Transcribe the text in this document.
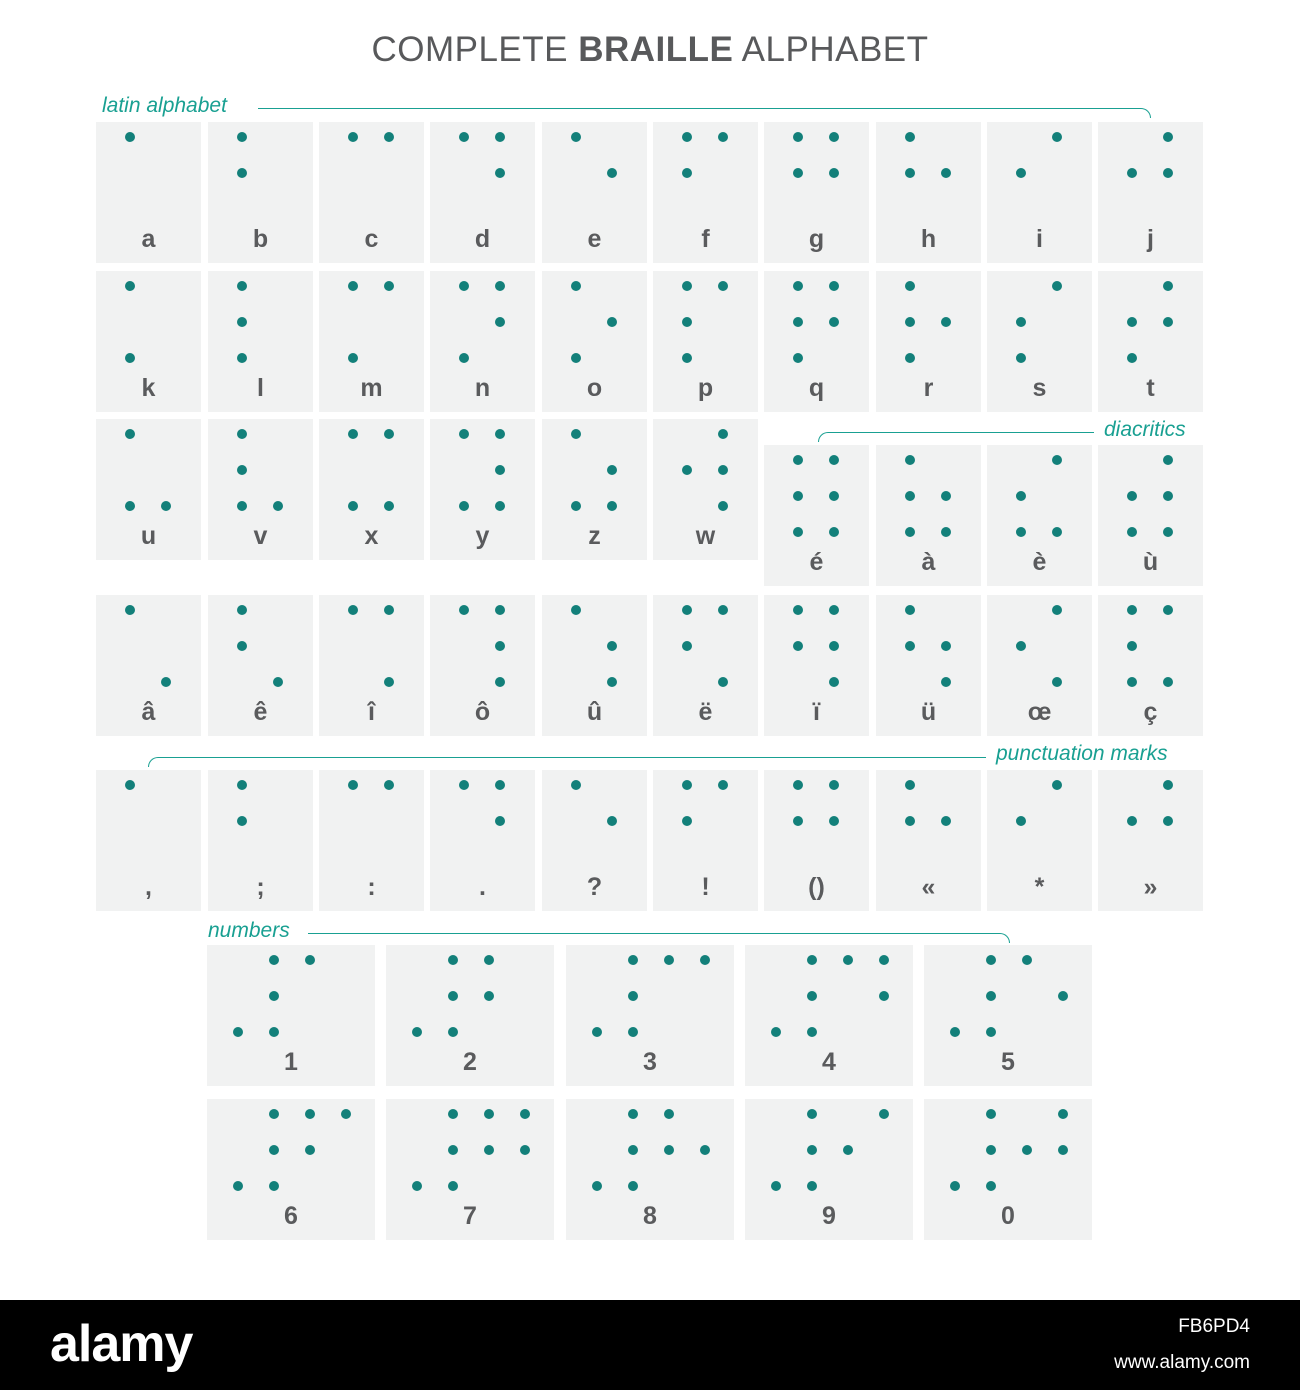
COMPLETE BRAILLE ALPHABET
latin alphabet
diacritics
punctuation marks
numbers
a	b	c	d	e	f	g	h	i	j
k	l	m	n	o	p	q	r	s	t
u	v	x	y	z	w
é	à	è	ù
â	ê	î	ô	û	ë	ï	ü	œ	ç
,	;	:	.	?	!	()	«	*	»
1	2	3	4	5
6	7	8	9	0
alamy	FB6PD4
www.alamy.com
